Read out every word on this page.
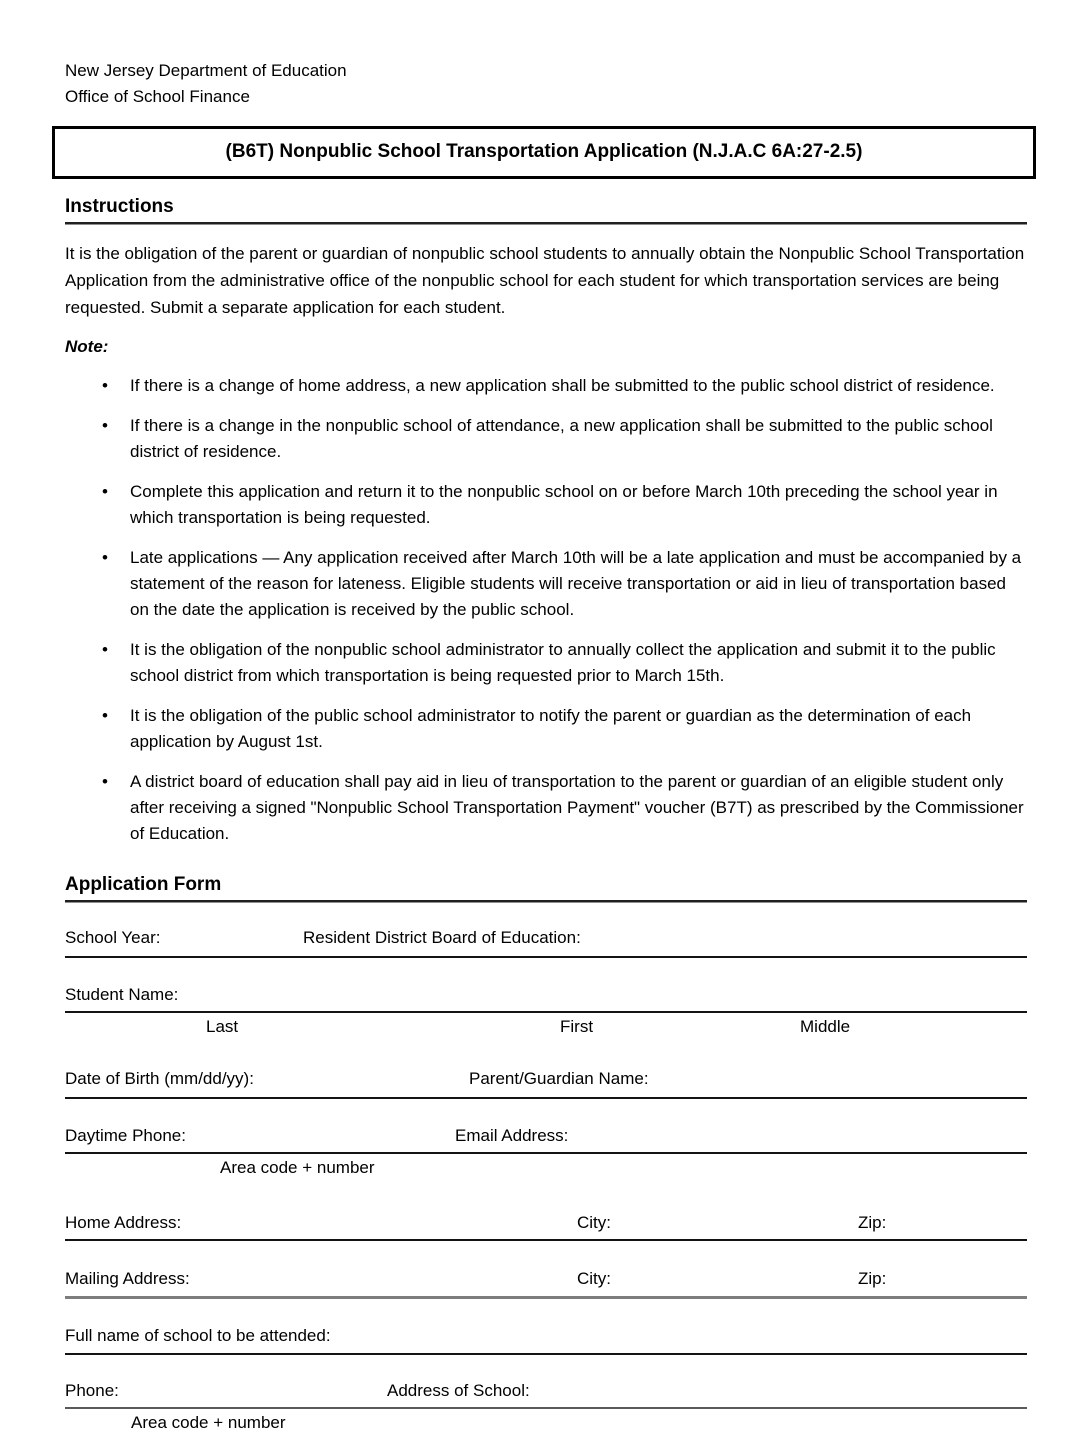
New Jersey Department of Education
Office of School Finance
(B6T) Nonpublic School Transportation Application (N.J.A.C 6A:27-2.5)
Instructions
It is the obligation of the parent or guardian of nonpublic school students to annually obtain the Nonpublic School Transportation Application from the administrative office of the nonpublic school for each student for which transportation services are being requested. Submit a separate application for each student.
Note:
• If there is a change of home address, a new application shall be submitted to the public school district of residence.
• If there is a change in the nonpublic school of attendance, a new application shall be submitted to the public school district of residence.
• Complete this application and return it to the nonpublic school on or before March 10th preceding the school year in which transportation is being requested.
• Late applications — Any application received after March 10th will be a late application and must be accompanied by a statement of the reason for lateness. Eligible students will receive transportation or aid in lieu of transportation based on the date the application is received by the public school.
• It is the obligation of the nonpublic school administrator to annually collect the application and submit it to the public school district from which transportation is being requested prior to March 15th.
• It is the obligation of the public school administrator to notify the parent or guardian as the determination of each application by August 1st.
• A district board of education shall pay aid in lieu of transportation to the parent or guardian of an eligible student only after receiving a signed "Nonpublic School Transportation Payment" voucher (B7T) as prescribed by the Commissioner of Education.
Application Form
School Year:	Resident District Board of Education:
Student Name:
Last	First	Middle
Date of Birth (mm/dd/yy):	Parent/Guardian Name:
Daytime Phone:	Email Address:
Area code + number
Home Address:	City:	Zip:
Mailing Address:	City:	Zip:
Full name of school to be attended:
Phone:	Address of School:
Area code + number
